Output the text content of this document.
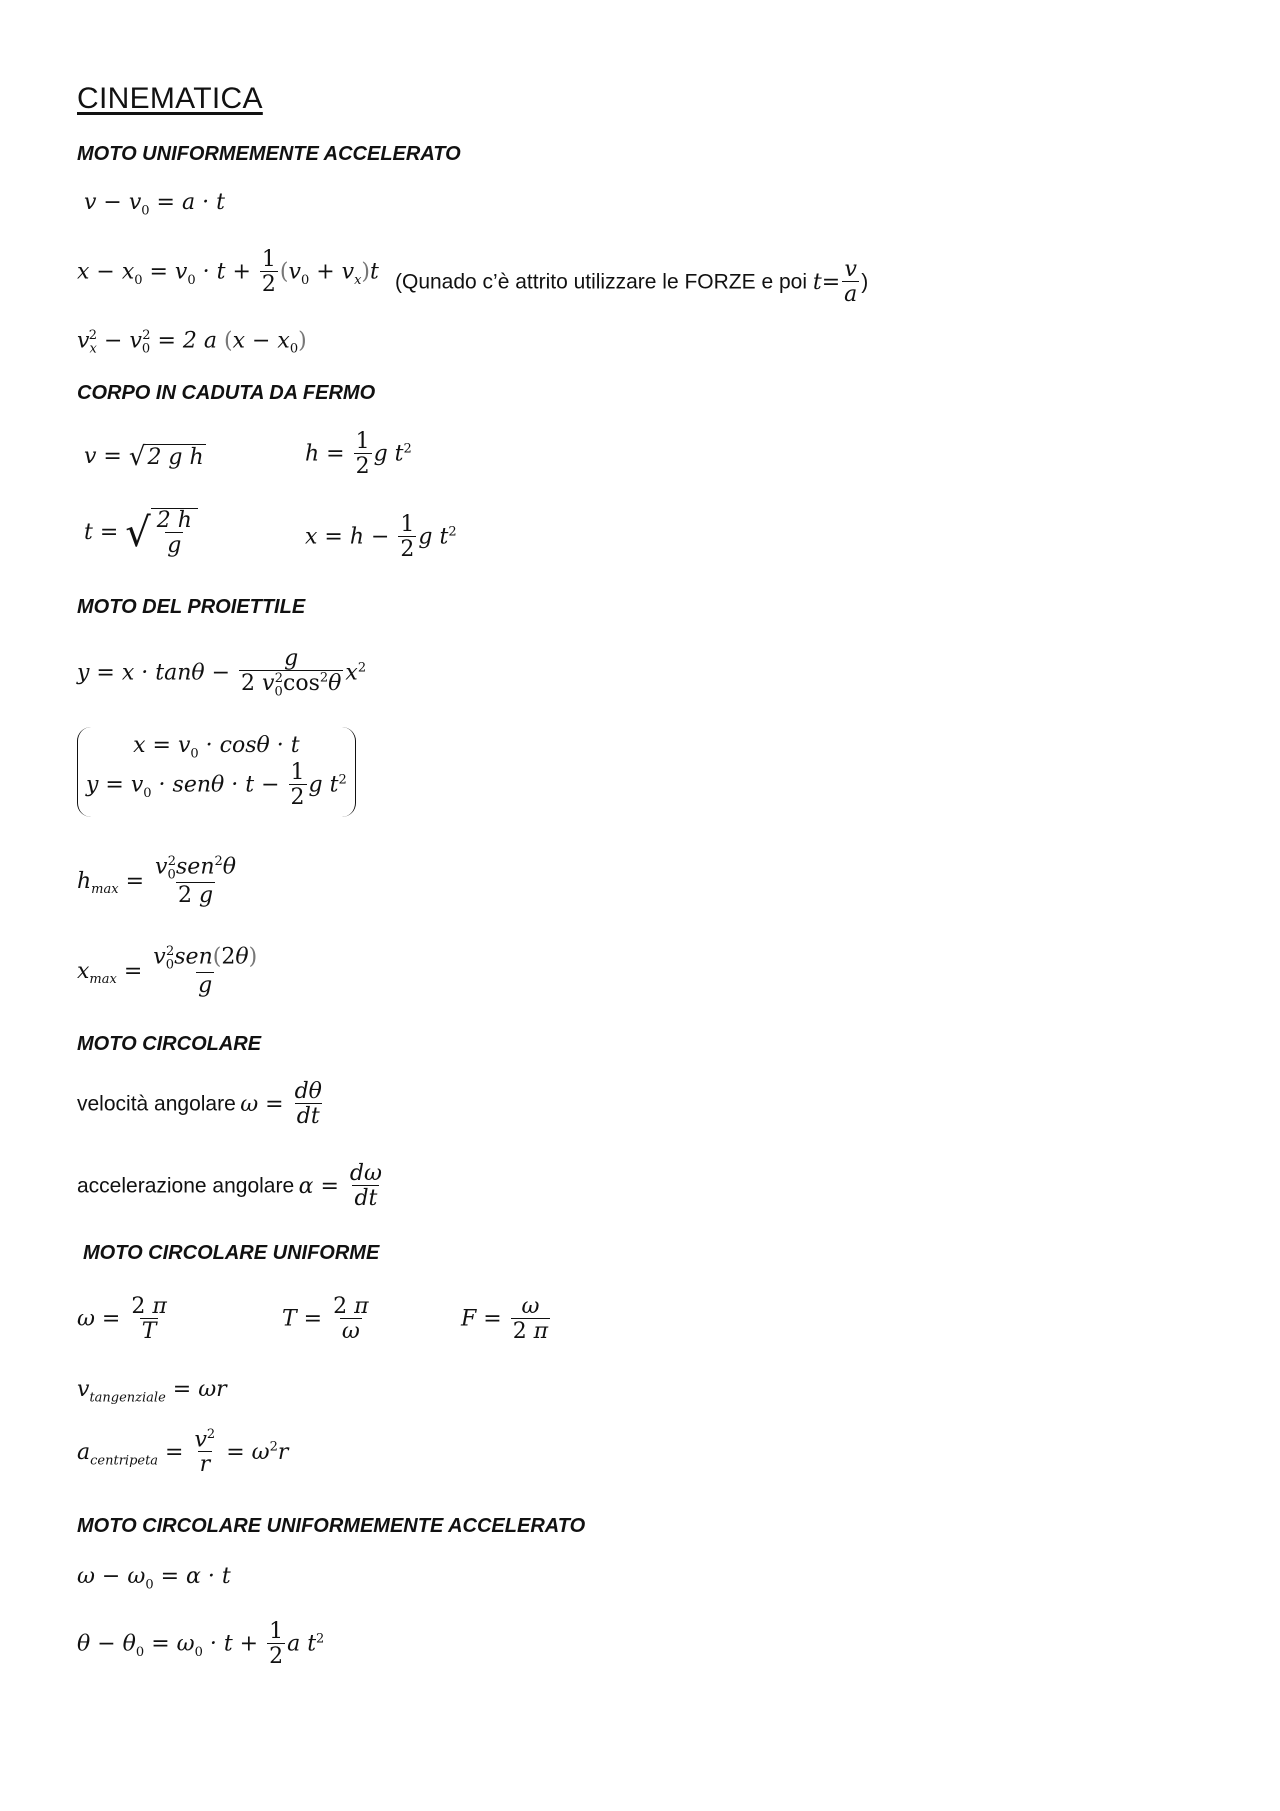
CINEMATICA
MOTO UNIFORMEMENTE ACCELERATO
$v - v_0 = a \cdot t$
$x - x_0 = v_0 \cdot t + \frac{1}{2} (v_0 + v_x)t$ (Qunado c’è attrito utilizzare le FORZE e poi $t= \frac{v}{a}$ )
$v_x^2 - v_0^2 = 2$ a $(x - x_0)$
CORPO IN CADUTA DA FERMO
v = √ 2 g h	$h = \frac{1}{2}$ g $t^2$
t = √ $\frac{2 h}{g}$	$x = h - \frac{1}{2}$ g $t^2$
MOTO DEL PROIETTILE
$y = x \cdot \tan\theta - \frac{g}{2 v_0^2\cos^2\theta} x^2$
$x = v_0 \cdot \cos\theta \cdot t$
$y = v_0 \cdot sen\theta \cdot t - \frac{1}{2}$ g $t^2$
$h_{max} = \frac{v_0^2sen^2\theta}{2 g}$
$x_{max} = \frac{v_0^2sen(2\theta)}{g}$
MOTO CIRCOLARE
velocità angolare $\omega = \frac{d\theta}{dt}$
accelerazione angolare $\alpha = \frac{d\omega}{dt}$
MOTO CIRCOLARE UNIFORME
$\omega = \frac{2 \pi}{T}$	$T = \frac{2 \pi}{\omega}$	$F = \frac{\omega}{2 \pi}$
$v_{tangenziale} = \omega r$
$a_{centripeta} = \frac{v^2}{r} = \omega^2r$
MOTO CIRCOLARE UNIFORMEMENTE ACCELERATO
$\omega - \omega_0 = \alpha \cdot t$
$\theta - \theta_0 = \omega_0 \cdot t + \frac{1}{2}$ a $t^2$
